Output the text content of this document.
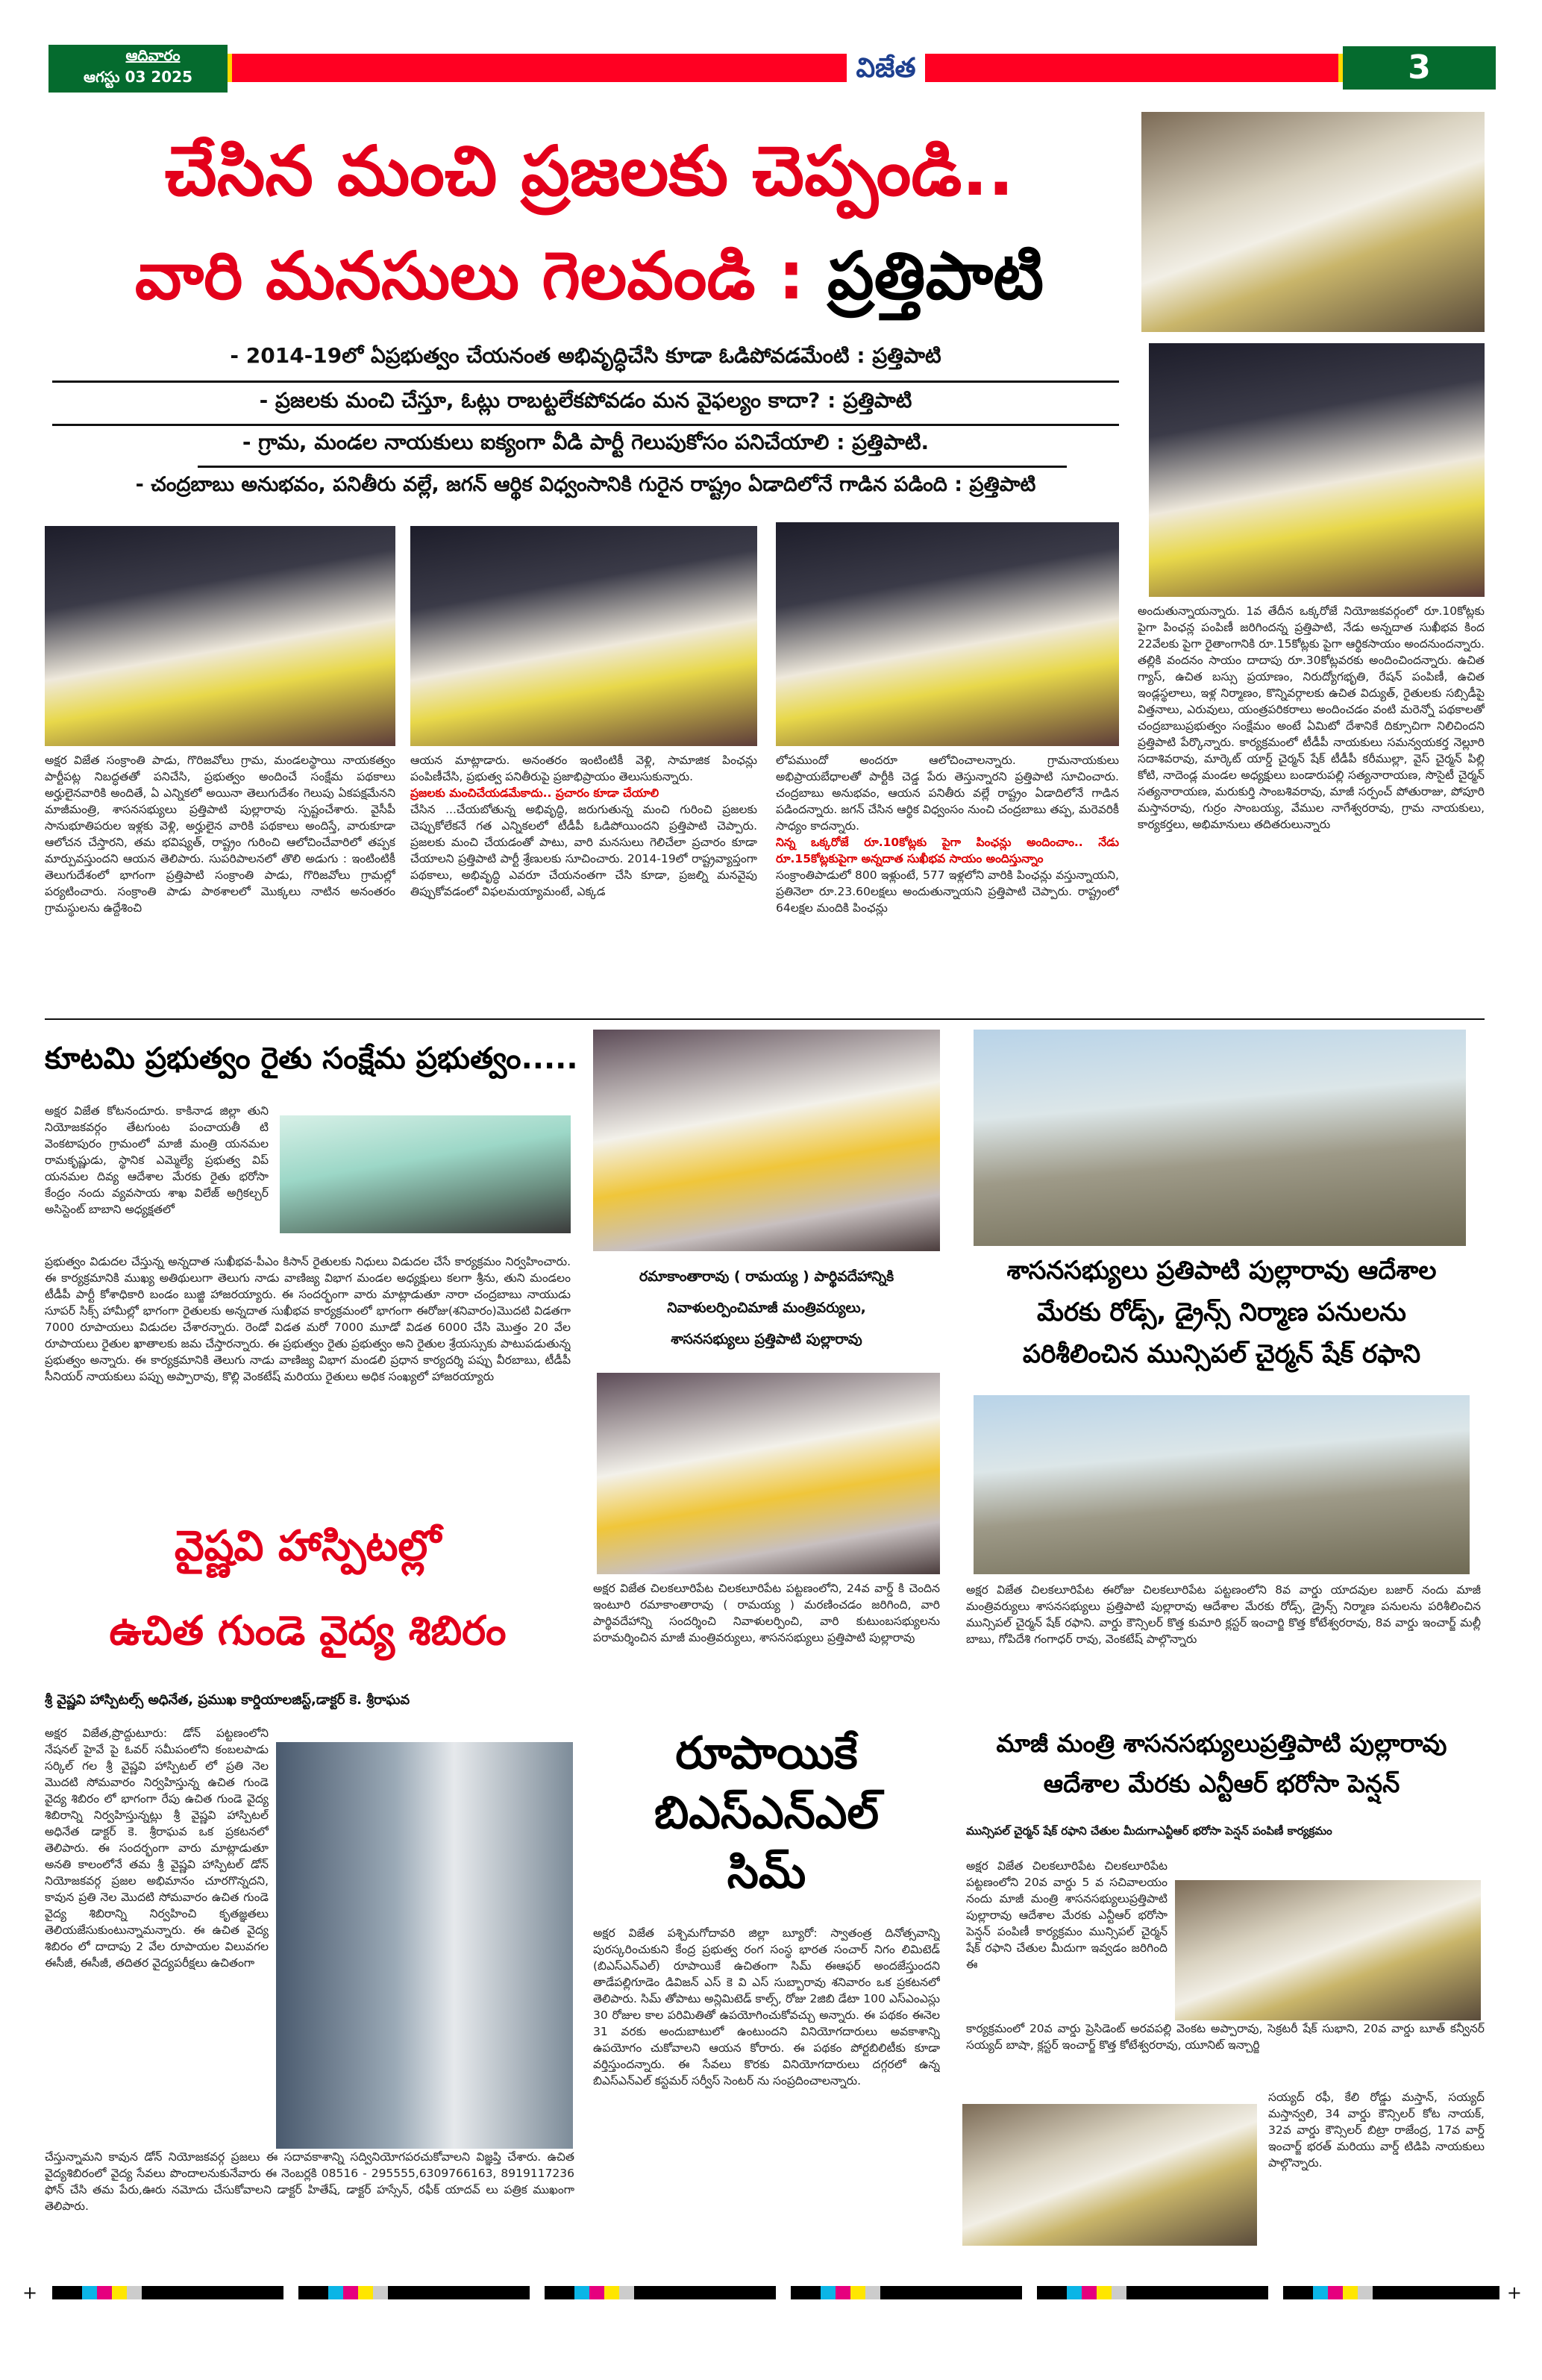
ఆదివారం
ఆగస్టు 03 2025	విజేత	3
చేసిన మంచి ప్రజలకు చెప్పండి..
వారి మనసులు గెలవండి : ప్రత్తిపాటి
- 2014-19లో ఏప్రభుత్వం చేయనంత అభివృద్ధిచేసి కూడా ఓడిపోవడమేంటి : ప్రత్తిపాటి
- ప్రజలకు మంచి చేస్తూ, ఓట్లు రాబట్టలేకపోవడం మన వైఫల్యం కాదా? : ప్రత్తిపాటి
- గ్రామ, మండల నాయకులు ఐక్యంగా వీడి పార్టీ గెలుపుకోసం పనిచేయాలి : ప్రత్తిపాటి.
- చంద్రబాబు అనుభవం, పనితీరు వల్లే, జగన్ ఆర్థిక విధ్వంసానికి గురైన రాష్ట్రం ఏడాదిలోనే గాడిన పడింది : ప్రత్తిపాటి
అక్షర విజేత సంక్రాంతి పాడు, గొరిజవోలు గ్రామ, మండలస్థాయి నాయకత్వం పార్టీపట్ల నిబద్ధతతో పనిచేసి, ప్రభుత్వం అందించే సంక్షేమ పథకాలు అర్హులైనవారికి అందితే, ఏ ఎన్నికలో అయినా తెలుగుదేశం గెలుపు ఏకపక్షమేనని మాజీమంత్రి, శాసనసభ్యులు ప్రత్తిపాటి పుల్లారావు స్పష్టంచేశారు. వైసీపీ సానుభూతిపరుల ఇళ్లకు వెళ్లి, అర్హులైన వారికి పథకాలు అందిస్తే, వారుకూడా ఆలోచన చేస్తారని, తమ భవిష్యత్, రాష్ట్రం గురించి ఆలోచించేవారిలో తప్పక మార్పువస్తుందని ఆయన తెలిపారు. సుపరిపాలనలో తొలి అడుగు : ఇంటింటికీ తెలుగుదేశంలో భాగంగా ప్రత్తిపాటి సంక్రాంతి పాడు, గొరిజవోలు గ్రామల్లో పర్యటించారు. సంక్రాంతి పాడు పాఠశాలలో మొక్కలు నాటిన అనంతరం గ్రామస్థులను ఉద్దేశించి
ఆయన మాట్లాడారు. అనంతరం ఇంటింటికీ వెళ్లి, సామాజిక పింఛన్లు పంపిణీచేసి, ప్రభుత్వ పనితీరుపై ప్రజాభిప్రాయం తెలుసుకున్నారు.
ప్రజలకు మంచిచేయడమేకాదు.. ప్రచారం కూడా చేయాలి
చేసిన ...చేయబోతున్న అభివృద్ధి, జరుగుతున్న మంచి గురించి ప్రజలకు చెప్పుకోలేకనే గత ఎన్నికలలో టీడీపీ ఓడిపోయిందని ప్రత్తిపాటి చెప్పారు. ప్రజలకు మంచి చేయడంతో పాటు, వారి మనసులు గెలిచేలా ప్రచారం కూడా చేయాలని ప్రత్తిపాటి పార్టీ శ్రేణులకు సూచించారు. 2014-19లో రాష్ట్రవ్యాప్తంగా పథకాలు, అభివృద్ధి ఎవరూ చేయనంతగా చేసి కూడా, ప్రజల్ని మనవైపు తిప్పుకోవడంలో విఫలమయ్యామంటే, ఎక్కడ
లోపముందో అందరూ ఆలోచించాలన్నారు. గ్రామనాయకులు అభిప్రాయబేధాలతో పార్టీకి చెడ్డ పేరు తెస్తున్నారని ప్రత్తిపాటి సూచించారు. చంద్రబాబు అనుభవం, ఆయన పనితీరు వల్లే రాష్ట్రం ఏడాదిలోనే గాడిన పడిందన్నారు. జగన్ చేసిన ఆర్థిక విధ్వంసం నుంచి చంద్రబాబు తప్ప, మరెవరికీ సాధ్యం కాదన్నారు.
నిన్న ఒక్కరోజే రూ.10కోట్లకు పైగా పింఛన్లు అందించాం.. నేడు రూ.15కోట్లకుపైగా అన్నదాత సుఖీభవ సాయం అందిస్తున్నాం
సంక్రాంతిపాడులో 800 ఇళ్లుంటే, 577 ఇళ్లలోని వారికి పింఛన్లు వస్తున్నాయని, ప్రతినెలా రూ.23.60లక్షలు అందుతున్నాయని ప్రత్తిపాటి చెప్పారు. రాష్ట్రంలో 64లక్షల మందికి పింఛన్లు
అందుతున్నాయన్నారు. 1వ తేదీన ఒక్కరోజే నియోజకవర్గంలో రూ.10కోట్లకు పైగా పింఛన్ల పంపిణీ జరిగిందన్న ప్రత్తిపాటి, నేడు అన్నదాత సుఖీభవ కింద 22వేలకు పైగా రైతాంగానికి రూ.15కోట్లకు పైగా ఆర్థికసాయం అందనుందన్నారు. తల్లికి వందనం సాయం దాదాపు రూ.30కోట్లవరకు అందించిందన్నారు. ఉచిత గ్యాస్, ఉచిత బస్సు ప్రయాణం, నిరుద్యోగభృతి, రేషన్ పంపిణీ, ఉచిత ఇండ్లస్థలాలు, ఇళ్ల నిర్మాణం, కొన్నివర్గాలకు ఉచిత విద్యుత్, రైతులకు సబ్సిడీపై విత్తనాలు, ఎరువులు, యంత్రపరికరాలు అందించడం వంటి మరెన్నో పథకాలతో చంద్రబాబుప్రభుత్వం సంక్షేమం అంటే ఏమిటో దేశానికే దిక్సూచిగా నిలిచిందని ప్రత్తిపాటి పేర్కొన్నారు. కార్యక్రమంలో టీడీపీ నాయకులు సమన్వయకర్త నెల్లూరి సదాశివరావు, మార్కెట్ యార్డ్ చైర్మన్ షేక్ టీడీపీ కరీముల్లా, వైస్ చైర్మన్ పిల్లి కోటి, నాదెండ్ల మండల అధ్యక్షులు బండారుపల్లి సత్యనారాయణ, సొసైటీ చైర్మన్ సత్యనారాయణ, మరుకుర్తి సాంబశివరావు, మాజీ సర్పంచ్ పోతురాజు, పోపూరి మస్తానరావు, గుర్రం సాంబయ్య, వేముల నాగేశ్వరరావు, గ్రామ నాయకులు, కార్యకర్తలు, అభిమానులు తదితరులున్నారు
కూటమి ప్రభుత్వం రైతు సంక్షేమ ప్రభుత్వం.....
అక్షర విజేత కోటనందూరు. కాకినాడ జిల్లా తుని నియోజకవర్గం తేటగుంట పంచాయతీ టి వెంకటాపురం గ్రామంలో మాజీ మంత్రి యనమల రామకృష్ణుడు, స్థానిక ఎమ్మెల్యే ప్రభుత్వ విప్ యనమల దివ్య ఆదేశాల మేరకు రైతు భరోసా కేంద్రం నందు వ్యవసాయ శాఖ విలేజ్ అగ్రికల్చర్ అసిస్టెంట్ బాబాని అధ్యక్షతలో
ప్రభుత్వం విడుదల చేస్తున్న అన్నదాత సుఖీభవ-పీఎం కిసాన్ రైతులకు నిధులు విడుదల చేసే కార్యక్రమం నిర్వహించారు. ఈ కార్యక్రమానికి ముఖ్య అతిథులుగా తెలుగు నాడు వాణిజ్య విభాగ మండల అధ్యక్షులు కలగా శ్రీను, తుని మండలం టీడీపీ పార్టీ కోశాధికారి బండం బుజ్జి హాజరయ్యారు. ఈ సందర్భంగా వారు మాట్లాడుతూ నారా చంద్రబాబు నాయుడు సూపర్ సిక్స్ హామీల్లో భాగంగా రైతులకు అన్నదాత సుఖీభవ కార్యక్రమంలో భాగంగా ఈరోజు(శనివారం)మొదటి విడతగా 7000 రూపాయలు విడుదల చేశారన్నారు. రెండో విడత మరో 7000 మూడో విడత 6000 చేసి మొత్తం 20 వేల రూపాయలు రైతుల ఖాతాలకు జమ చేస్తారన్నారు. ఈ ప్రభుత్వం రైతు ప్రభుత్వం అని రైతుల శ్రేయస్సుకు పాటుపడుతున్న ప్రభుత్వం అన్నారు. ఈ కార్యక్రమానికి తెలుగు నాడు వాణిజ్య విభాగ మండలి ప్రధాన కార్యదర్శి పప్పు వీరబాబు, టీడీపీ సీనియర్ నాయకులు పప్పు అప్పారావు, కొల్లి వెంకటేష్ మరియు రైతులు అధిక సంఖ్యలో హాజరయ్యారు
వైష్ణవి హాస్పిటల్లో
ఉచిత గుండె వైద్య శిబిరం
శ్రీ వైష్ణవి హాస్పిటల్స్ అధినేత, ప్రముఖ కార్డియాలజిస్ట్,డాక్టర్ కె. శ్రీరాఘవ
అక్షర విజేత,ప్రొద్దుటూరు: డోన్ పట్టణంలోని నేషనల్ హైవే పై ఓవర్ సమీపంలోని కంబలపాడు సర్కిల్ గల శ్రీ వైష్ణవి హాస్పిటల్ లో ప్రతి నెల మొదటి సోమవారం నిర్వహిస్తున్న ఉచిత గుండె వైద్య శిబిరం లో భాగంగా రేపు ఉచిత గుండె వైద్య శిబిరాన్ని నిర్వహిస్తున్నట్లు శ్రీ వైష్ణవి హాస్పిటల్ అధినేత డాక్టర్ కె. శ్రీరాఘవ ఒక ప్రకటనలో తెలిపారు. ఈ సందర్భంగా వారు మాట్లాడుతూ అనతి కాలంలోనే తమ శ్రీ వైష్ణవి హాస్పిటల్ డోన్ నియోజకవర్గ ప్రజల అభిమానం చూరగొన్నదని, కావున ప్రతి నెల మొదటి సోమవారం ఉచిత గుండె వైద్య శిబిరాన్ని నిర్వహించి కృతజ్ఞతలు తెలియజేసుకుంటున్నామన్నారు. ఈ ఉచిత వైద్య శిబిరం లో దాదాపు 2 వేల రూపాయల విలువగల ఈసీజీ, ఈసీజీ, తదితర వైద్యపరీక్షలు ఉచితంగా
చేస్తున్నామని కావున డోన్ నియోజకవర్గ ప్రజలు ఈ సదావకాశాన్ని సద్వినియోగపరచుకోవాలని విజ్ఞప్తి చేశారు. ఉచిత వైద్యశిబిరంలో వైద్య సేవలు పొందాలనుకునేవారు ఈ నెంబర్లకి 08516 - 295555,6309766163, 8919117236 ఫోన్ చేసి తమ పేరు,ఊరు నమోదు చేసుకోవాలని డాక్టర్ హితేష్, డాక్టర్ హస్సేన్, రఫీక్ యాదవ్ లు పత్రిక ముఖంగా తెలిపారు.
రమాకాంతారావు ( రామయ్య ) పార్థివదేహాన్నికి
నివాళులర్పించిమాజీ మంత్రివర్యులు,
శాసనసభ్యులు ప్రత్తిపాటి పుల్లారావు
అక్షర విజేత చిలకలూరిపేట చిలకలూరిపేట పట్టణంలోని, 24వ వార్డ్ కి చెందిన ఇంటూరి రమాకాంతారావు ( రామయ్య ) మరణించడం జరిగింది, వారి పార్థివదేహాన్ని సందర్శించి నివాళులర్పించి, వారి కుటుంబసభ్యులను పరామర్శించిన మాజీ మంత్రివర్యులు, శాసనసభ్యులు ప్రత్తిపాటి పుల్లారావు
రూపాయికే
బిఎస్ఎన్ఎల్
సిమ్
అక్షర విజేత పశ్చిమగోదావరి జిల్లా బ్యూరో: స్వాతంత్ర దినోత్సవాన్ని పురస్కరించుకుని కేంద్ర ప్రభుత్వ రంగ సంస్థ భారత సంచార్ నిగం లిమిటెడ్ (బిఎస్ఎన్ఎల్) రూపాయికే ఉచితంగా సిమ్ ఈఆఫర్ అందజేస్తుందని తాడేపల్లిగూడెం డివిజన్ ఎస్ కె వి ఎస్ సుబ్బారావు శనివారం ఒక ప్రకటనలో తెలిపారు. సిమ్ తోపాటు అన్లిమిటెడ్ కాల్స్, రోజు 2జిబి డేటా 100 ఎస్ఎంఎస్లు 30 రోజుల కాల పరిమితితో ఉపయోగించుకోవచ్చు అన్నారు. ఈ పథకం ఈనెల 31 వరకు అందుబాటులో ఉంటుందని వినియోగదారులు అవకాశాన్ని ఉపయోగం చుకోవాలని ఆయన కోరారు. ఈ పథకం పోర్టబిలిటీకు కూడా వర్తిస్తుందన్నారు. ఈ సేవలు కొరకు వినియోగదారులు దగ్గరలో ఉన్న బిఎస్ఎన్ఎల్ కస్టమర్ సర్వీస్ సెంటర్ ను సంప్రదించాలన్నారు.
శాసనసభ్యులు ప్రతిపాటి పుల్లారావు ఆదేశాల
మేరకు రోడ్స్, డ్రైన్స్ నిర్మాణ పనులను
పరిశీలించిన మున్సిపల్ చైర్మన్ షేక్ రఫాని
అక్షర విజేత చిలకలూరిపేట ఈరోజు చిలకలూరిపేట పట్టణంలోని 8వ వార్డు యాదవుల బజార్ నందు మాజీ మంత్రివర్యులు శాసనసభ్యులు ప్రత్తిపాటి పుల్లారావు ఆదేశాల మేరకు రోడ్స్, డ్రైన్స్ నిర్మాణ పనులను పరిశీలించిన మున్సిపల్ చైర్మన్ షేక్ రఫాని. వార్డు కౌన్సిలర్ కొత్త కుమారి క్లస్టర్ ఇంచార్జి కొత్త కోటేశ్వరరావు, 8వ వార్డు ఇంచార్జ్ మల్లీ బాబు, గోపిదేశి గంగాధర్ రావు, వెంకటేష్ పాల్గొన్నారు
మాజీ మంత్రి శాసనసభ్యులుప్రత్తిపాటి పుల్లారావు
ఆదేశాల మేరకు ఎన్టీఆర్ భరోసా పెన్షన్
మున్సిపల్ చైర్మన్ షేక్ రఫాని చేతుల మీదుగాఎన్టీఆర్ భరోసా పెన్షన్ పంపిణీ కార్యక్రమం
అక్షర విజేత చిలకలూరిపేట చిలకలూరిపేట పట్టణంలోని 20వ వార్డు 5 వ సచివాలయం నందు మాజీ మంత్రి శాసనసభ్యులుప్రత్తిపాటి పుల్లారావు ఆదేశాల మేరకు ఎన్టీఆర్ భరోసా పెన్షన్ పంపిణీ కార్యక్రమం మున్సిపల్ చైర్మన్ షేక్ రఫాని చేతుల మీదుగా ఇవ్వడం జరిగింది ఈ
కార్యక్రమంలో 20వ వార్డు ప్రెసిడెంట్ అరవపల్లి వెంకట అప్పారావు, సెక్రటరీ షేక్ సుభాని, 20వ వార్డు బూత్ కన్వీనర్ సయ్యద్ బాషా, క్లస్టర్ ఇంచార్జ్ కొత్త కోటేశ్వరరావు, యూనిట్ ఇన్చార్జి
సయ్యద్ రఫీ, కేలి రోడ్డు మస్తాన్, సయ్యద్ మస్తాన్వలి, 34 వార్డు కౌన్సిలర్ కోట నాయక్, 32వ వార్డు కౌన్సిలర్ బిట్రా రాజేంద్ర, 17వ వార్డ్ ఇంచార్జ్ భరత్ మరియు వార్డ్ టిడిపి నాయకులు పాల్గొన్నారు.
+	+
